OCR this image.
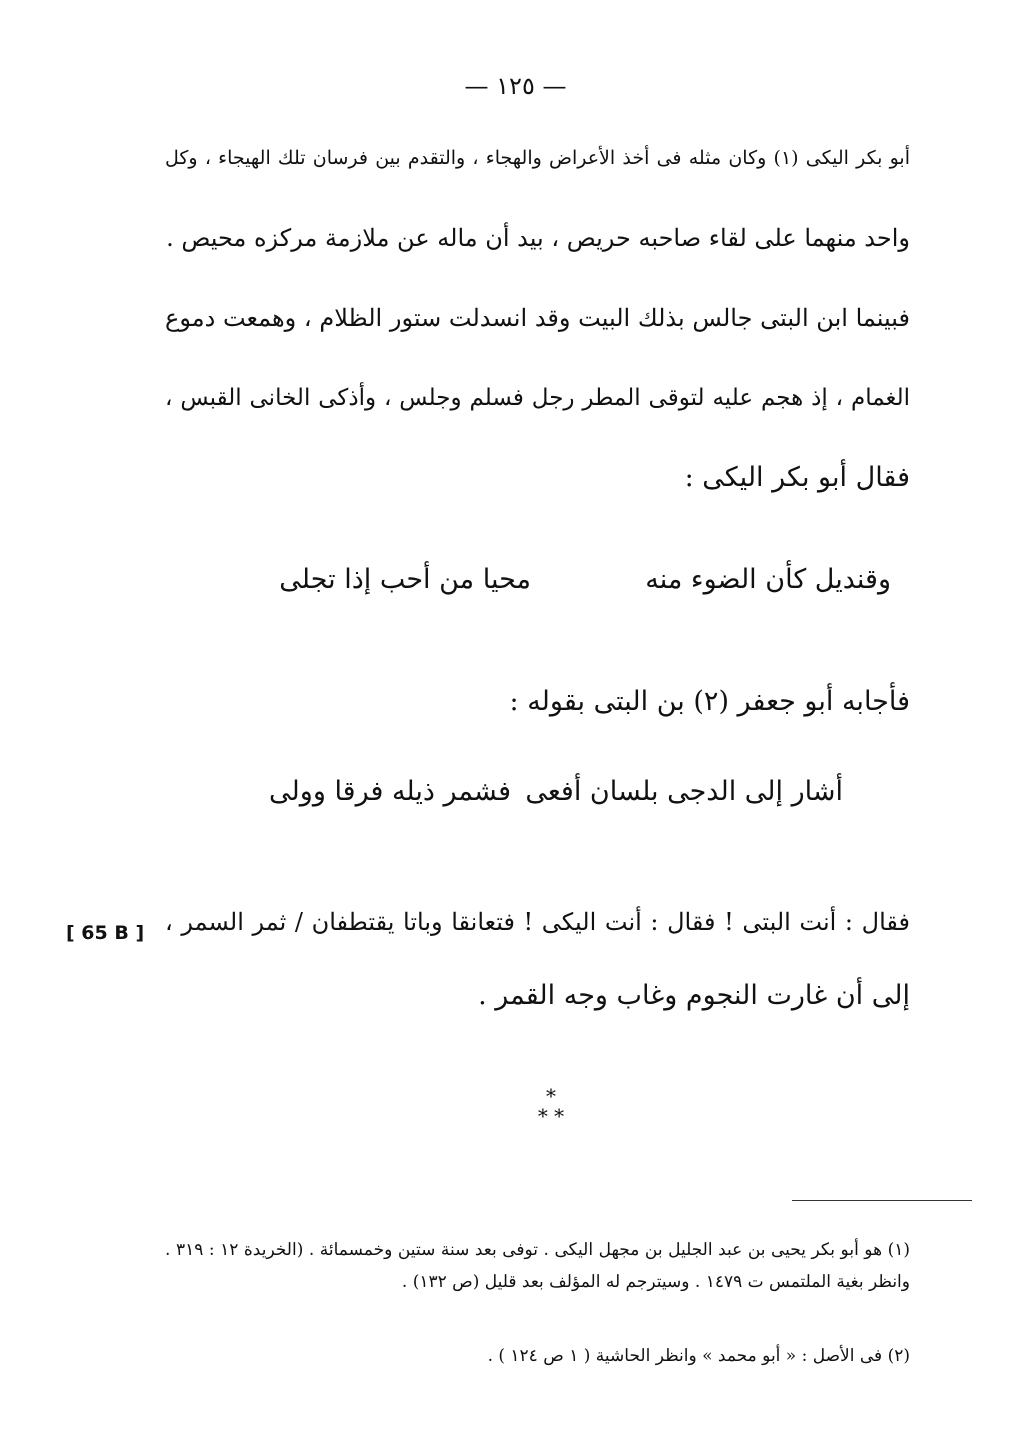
— ١٢٥ —
أبو بكر اليكى (١) وكان مثله فى أخذ الأعراض والهجاء ، والتقدم بين فرسان تلك الهيجاء ، وكل
واحد منهما على لقاء صاحبه حريص ، بيد أن ماله عن ملازمة مركزه محيص .
فبينما ابن البتى جالس بذلك البيت وقد انسدلت ستور الظلام ، وهمعت دموع
الغمام ، إذ هجم عليه لتوقى المطر رجل فسلم وجلس ، وأذكى الخانى القبس ،
فقال أبو بكر اليكى :
وقنديل كأن الضوء منه
محيا من أحب إذا تجلى
فأجابه أبو جعفر (٢) بن البتى بقوله :
أشار إلى الدجى بلسان أفعى
فشمر ذيله فرقا وولى
فقال : أنت البتى ! فقال : أنت اليكى ! فتعانقا وباتا يقتطفان / ثمر السمر ،
إلى أن غارت النجوم وغاب وجه القمر .
[ 65 B ]
*
* *
(١) هو أبو بكر يحيى بن عبد الجليل بن مجهل اليكى . توفى بعد سنة ستين وخمسمائة . (الخريدة ١٢ : ٣١٩ . وانظر بغية الملتمس ت ١٤٧٩ . وسيترجم له المؤلف بعد قليل (ص ١٣٢) .
(٢) فى الأصل : « أبو محمد » وانظر الحاشية ( ١ ص ١٢٤ ) .
